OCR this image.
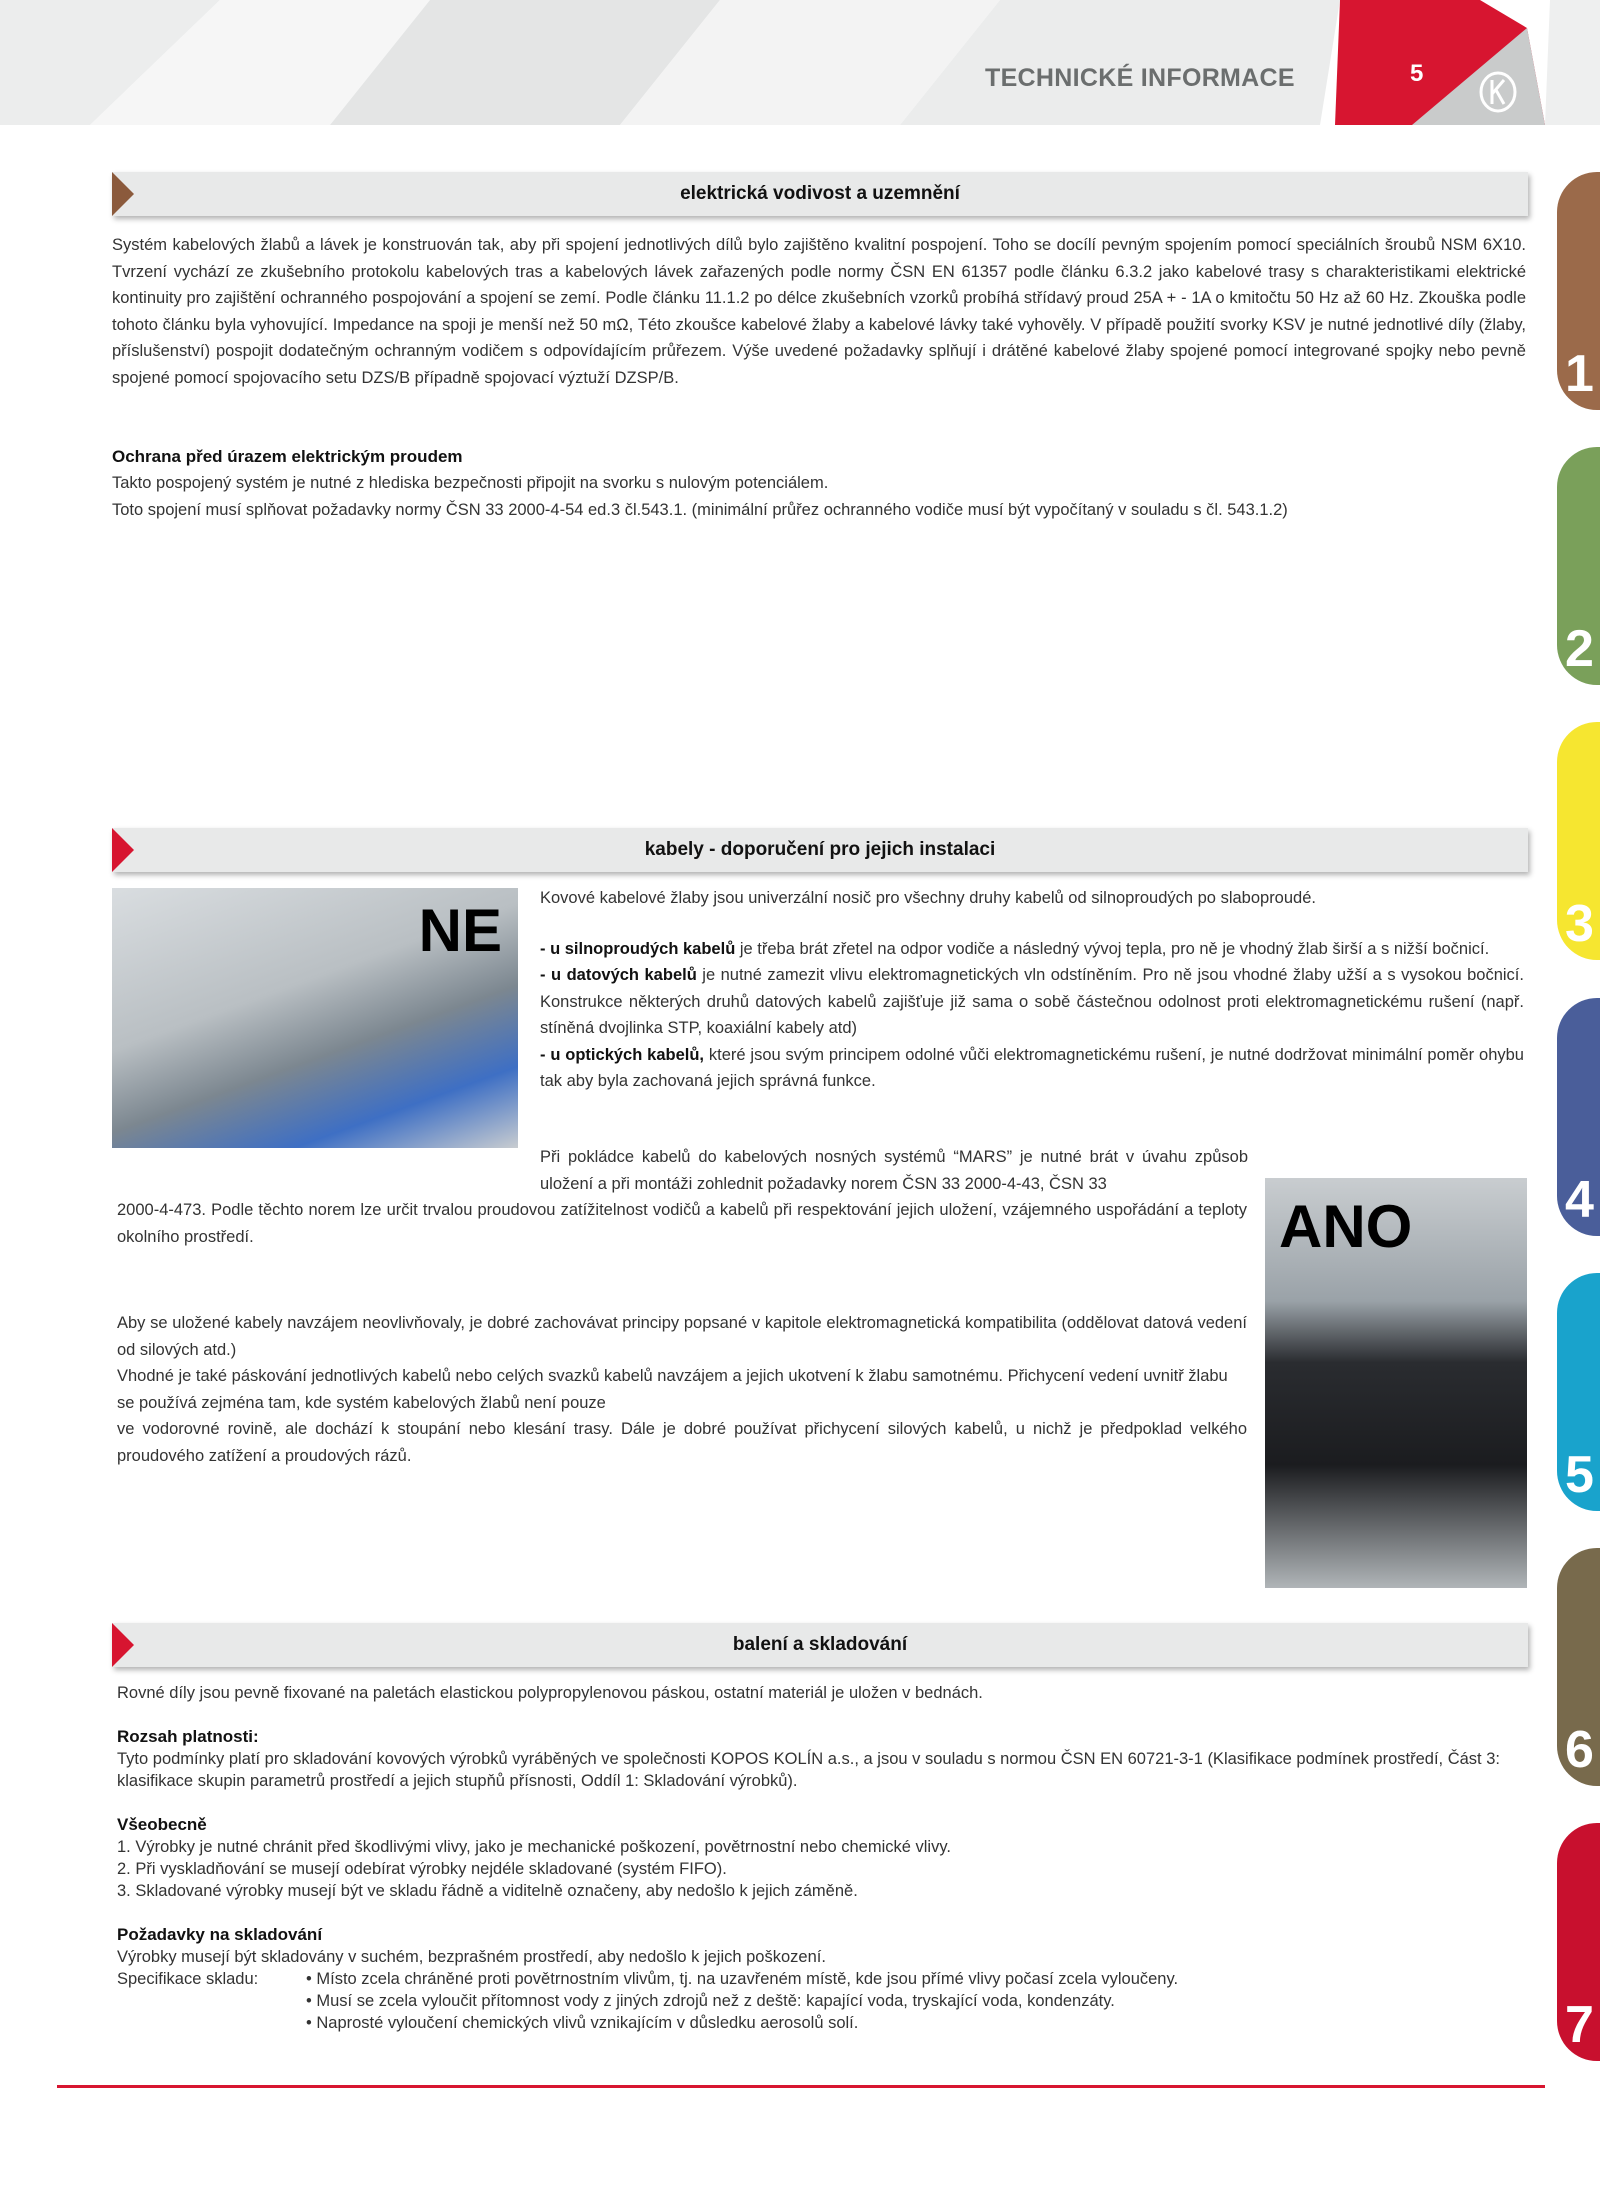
TECHNICKÉ INFORMACE	5
1
2
3
4
5
6
7
elektrická vodivost a uzemnění
Systém kabelových žlabů a lávek je konstruován tak, aby při spojení jednotlivých dílů bylo zajištěno kvalitní pospojení. Toho se docílí pevným spojením pomocí speciálních šroubů NSM 6X10. Tvrzení vychází ze zkušebního protokolu kabelových tras a kabelových lávek zařazených podle normy ČSN EN 61357 podle článku 6.3.2 jako kabelové trasy s charakteristikami elektrické kontinuity pro zajištění ochranného pospojování a spojení se zemí. Podle článku 11.1.2 po délce zkušebních vzorků probíhá střídavý proud 25A + - 1A o kmitočtu 50 Hz až 60 Hz. Zkouška podle tohoto článku byla vyhovující. Impedance na spoji je menší než 50 mΩ, Této zkoušce kabelové žlaby a kabelové lávky také vyhověly. V případě použití svorky KSV je nutné jednotlivé díly (žlaby, příslušenství) pospojit dodatečným ochranným vodičem s odpovídajícím průřezem. Výše uvedené požadavky splňují i drátěné kabelové žlaby spojené pomocí integrované spojky nebo pevně spojené pomocí spojovacího setu DZS/B případně spojovací výztuží DZSP/B.
Ochrana před úrazem elektrickým proudem
Takto pospojený systém je nutné z hlediska bezpečnosti připojit na svorku s nulovým potenciálem.
Toto spojení musí splňovat požadavky normy ČSN 33 2000-4-54 ed.3 čl.543.1. (minimální průřez ochranného vodiče musí být vypočítaný v souladu s čl. 543.1.2)
kabely - doporučení pro jejich instalaci
NE Kovové kabelové žlaby jsou univerzální nosič pro všechny druhy kabelů od silnoproudých po slaboproudé.
- u silnoproudých kabelů je třeba brát zřetel na odpor vodiče a následný vývoj tepla, pro ně je vhodný žlab širší a s nižší bočnicí.
- u datových kabelů je nutné zamezit vlivu elektromagnetických vln odstíněním. Pro ně jsou vhodné žlaby užší a s vysokou bočnicí. Konstrukce některých druhů datových kabelů zajišťuje již sama o sobě částečnou odolnost proti elektromagnetickému rušení (např. stíněná dvojlinka STP, koaxiální kabely atd)
- u optických kabelů, které jsou svým principem odolné vůči elektromagnetickému rušení, je nutné dodržovat minimální poměr ohybu tak aby byla zachovaná jejich správná funkce.
Při pokládce kabelů do kabelových nosných systémů “MARS” je nutné brát v úvahu způsob uložení a při montáži zohlednit požadavky norem ČSN 33 2000-4-43, ČSN 33
2000-4-473. Podle těchto norem lze určit trvalou proudovou zatížitelnost vodičů a kabelů při respektování jejich uložení, vzájemného uspořádání a teploty okolního prostředí.
Aby se uložené kabely navzájem neovlivňovaly, je dobré zachovávat principy popsané v kapitole elektromagnetická kompatibilita (oddělovat datová vedení od silových atd.)
Vhodné je také páskování jednotlivých kabelů nebo celých svazků kabelů navzájem a jejich ukotvení k žlabu samotnému. Přichycení vedení uvnitř žlabu se používá zejména tam, kde systém kabelových žlabů není pouze
ve vodorovné rovině, ale dochází k stoupání nebo klesání trasy. Dále je dobré používat přichycení silových kabelů, u nichž je předpoklad velkého proudového zatížení a proudových rázů.
ANO
balení a skladování
Rovné díly jsou pevně fixované na paletách elastickou polypropylenovou páskou, ostatní materiál je uložen v bednách.
Rozsah platnosti:
Tyto podmínky platí pro skladování kovových výrobků vyráběných ve společnosti KOPOS KOLÍN a.s., a jsou v souladu s normou ČSN EN 60721-3-1 (Klasifikace podmínek prostředí, Část 3: klasifikace skupin parametrů prostředí a jejich stupňů přísnosti, Oddíl 1: Skladování výrobků).
Všeobecně
1. Výrobky je nutné chránit před škodlivými vlivy, jako je mechanické poškození, povětrnostní nebo chemické vlivy.
2. Při vyskladňování se musejí odebírat výrobky nejdéle skladované (systém FIFO).
3. Skladované výrobky musejí být ve skladu řádně a viditelně označeny, aby nedošlo k jejich záměně.
Požadavky na skladování
Výrobky musejí být skladovány v suchém, bezprašném prostředí, aby nedošlo k jejich poškození.
Specifikace skladu:	• Místo zcela chráněné proti povětrnostním vlivům, tj. na uzavřeném místě, kde jsou přímé vlivy počasí zcela vyloučeny.
• Musí se zcela vyloučit přítomnost vody z jiných zdrojů než z deště: kapající voda, tryskající voda, kondenzáty.
• Naprosté vyloučení chemických vlivů vznikajícím v důsledku aerosolů solí.
